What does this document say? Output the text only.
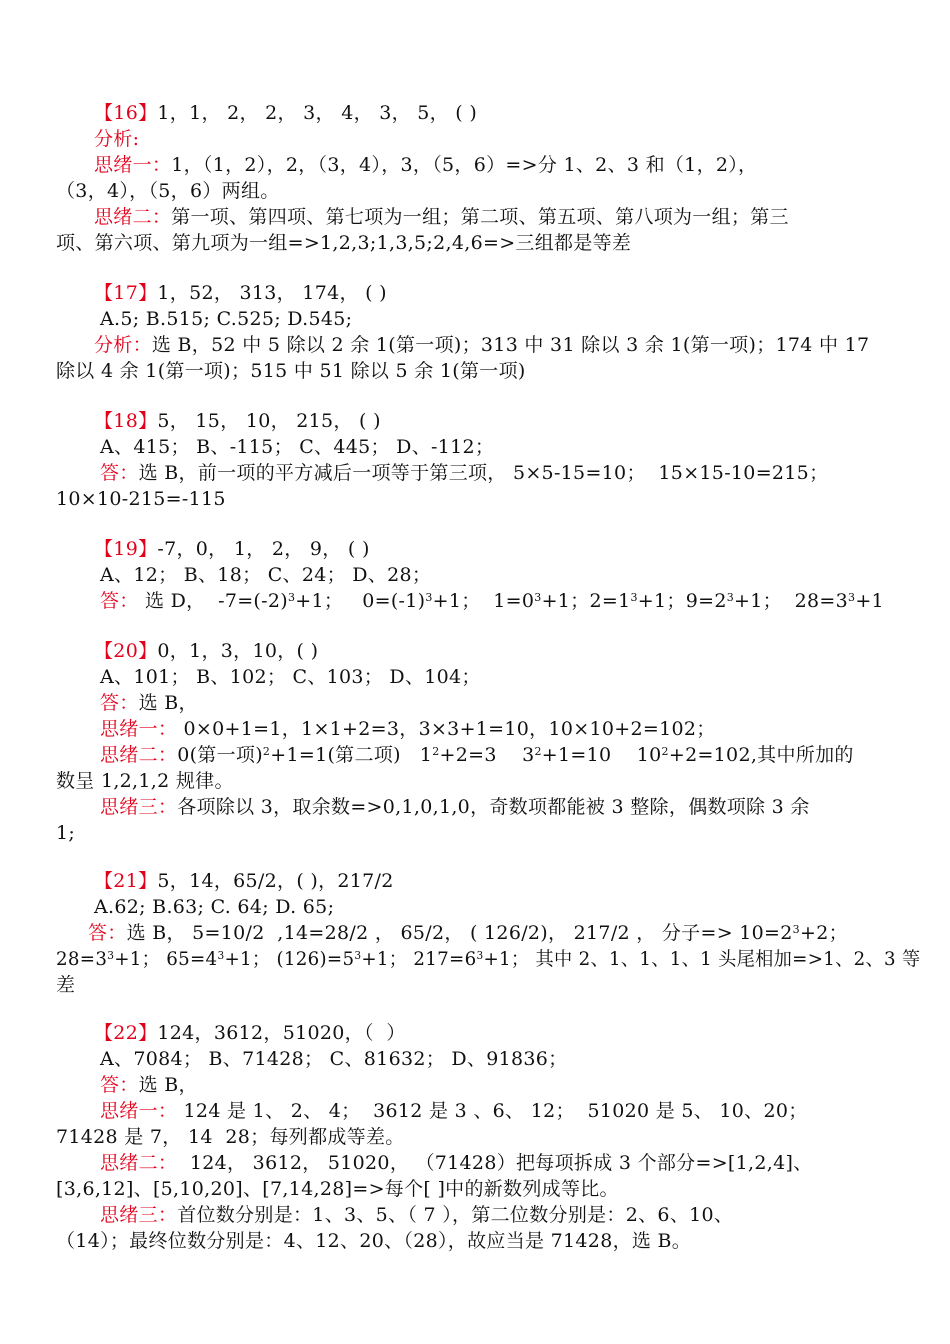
【16】1，1， 2， 2， 3， 4， 3， 5， ( )
分析:
思绪一：1，（1，2），2，（3，4），3，（5，6）=>分 1、2、3 和（1，2），
（3，4），（5，6）两组。
思绪二：第一项、第四项、第七项为一组；第二项、第五项、第八项为一组；第三
项、第六项、第九项为一组=>1,2,3;1,3,5;2,4,6=>三组都是等差
【17】1，52， 313， 174， ( )
A.5; B.515; C.525; D.545;
分析：选 B，52 中 5 除以 2 余 1(第一项)；313 中 31 除以 3 余 1(第一项)；174 中 17
除以 4 余 1(第一项)；515 中 51 除以 5 余 1(第一项)
【18】5， 15， 10， 215， ( )
A、415； B、-115； C、445； D、-112；
答：选 B，前一项的平方减后一项等于第三项， 5×5-15=10；  15×15-10=215；
10×10-215=-115
【19】-7，0， 1， 2， 9， ( )
A、12； B、18； C、24； D、28；
答： 选 D，  $-7=(-2)^3+1$；   $0=(-1)^3+1$；  $1=0^3+1$；$2=1^3+1$；$9=2^3+1$；  $28=3^3+1$
【20】0，1，3，10，( )
A、101； B、102； C、103； D、104；
答：选 B，
思绪一： 0×0+1=1，1×1+2=3，3×3+1=10，10×10+2=102；
思绪二：0(第一项)$^2$+1=1(第二项)   $1^2+2=3$    $3^2+1=10$    $10^2+2=102$,其中所加的
数呈 1,2,1,2 规律。
思绪三：各项除以 3，取余数=>0,1,0,1,0，奇数项都能被 3 整除，偶数项除 3 余
1;
【21】5，14，65/2，( )，217/2
A.62; B.63; C. 64; D. 65;
答：选 B， 5=10/2  ,14=28/2 ， 65/2， ( 126/2)， 217/2 ， 分子=> $10=2^3+2$；
$28=3^3+1$； $65=4^3+1$； $(126)=5^3+1$； $217=6^3+1$； 其中 2、1、1、1、1 头尾相加=>1、2、3 等
差
【22】124，3612，51020，（  ）
A、7084； B、71428； C、81632； D、91836；
答：选 B，
思绪一： 124 是 1、 2、 4；  3612 是 3 、6、 12；  51020 是 5、 10、20；
71428 是 7， 14  28；每列都成等差。
思绪二：  124， 3612， 51020， （71428）把每项拆成 3 个部分=>[1,2,4]、
[3,6,12]、[5,10,20]、[7,14,28]=>每个[ ]中的新数列成等比。
思绪三：首位数分别是：1、3、5、（ 7 ），第二位数分别是：2、6、10、
（14）；最终位数分别是：4、12、20、（28），故应当是 71428，选 B。
